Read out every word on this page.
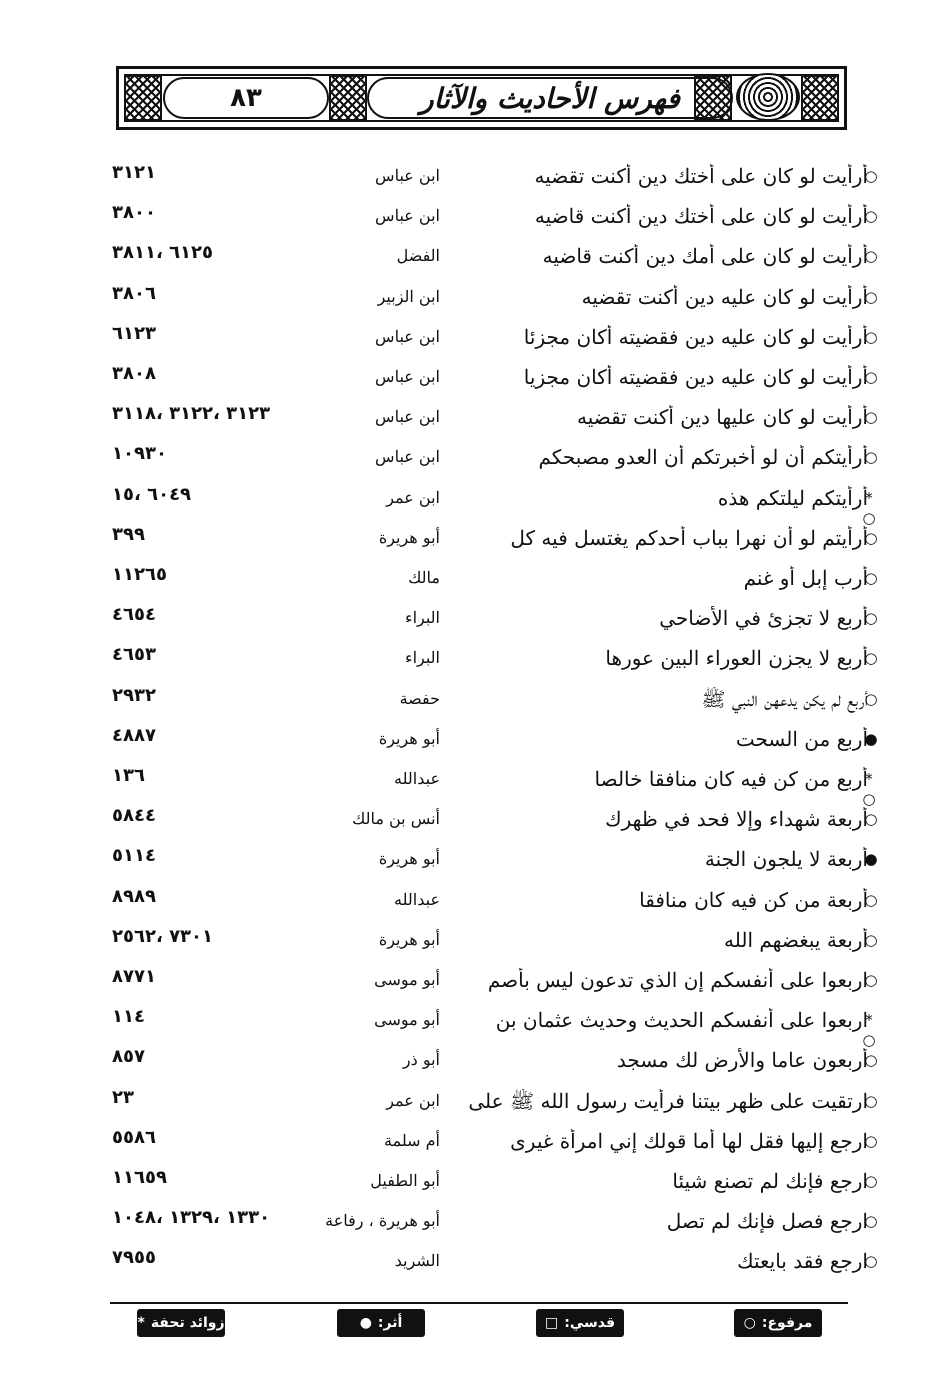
٨٣	فهرس الأحاديث والآثار
○
أرأيت لو كان على أختك دين أكنت تقضيه
ابن عباس
٣١٢١
○
أرأيت لو كان على أختك دين أكنت قاضيه
ابن عباس
٣٨٠٠
○
أرأيت لو كان على أمك دين أكنت قاضيه
الفضل
٦١٢٥ ،٣٨١١
○
أرأيت لو كان عليه دين أكنت تقضيه
ابن الزبير
٣٨٠٦
○
أرأيت لو كان عليه دين فقضيته أكان مجزئا
ابن عباس
٦١٢٣
○
أرأيت لو كان عليه دين فقضيته أكان مجزيا
ابن عباس
٣٨٠٨
○
أرأيت لو كان عليها دين أكنت تقضيه
ابن عباس
٣١٢٣ ،٣١٢٢ ،٣١١٨
○
أرأيتكم أن لو أخبرتكم أن العدو مصبحكم
ابن عباس
١٠٩٣٠
* ○
أرأيتكم ليلتكم هذه
ابن عمر
٦٠٤٩ ،١٥
○
أرأيتم لو أن نهرا بباب أحدكم يغتسل فيه كل
أبو هريرة
٣٩٩
○
أرب إبل أو غنم
مالك
١١٢٦٥
○
أربع لا تجزئ في الأضاحي
البراء
٤٦٥٤
○
أربع لا يجزن العوراء البين عورها
البراء
٤٦٥٣
○
أربع لم يكن يدعهن النبي ﷺ
حفصة
٢٩٣٢
●
أربع من السحت
أبو هريرة
٤٨٨٧
* ○
أربع من كن فيه كان منافقا خالصا
عبدالله
١٣٦
○
أربعة شهداء وإلا فحد في ظهرك
أنس بن مالك
٥٨٤٤
●
أربعة لا يلجون الجنة
أبو هريرة
٥١١٤
○
أربعة من كن فيه كان منافقا
عبدالله
٨٩٨٩
○
أربعة يبغضهم الله
أبو هريرة
٧٣٠١ ،٢٥٦٢
○
اربعوا على أنفسكم إن الذي تدعون ليس بأصم
أبو موسى
٨٧٧١
* ○
اربعوا على أنفسكم الحديث وحديث عثمان بن
أبو موسى
١١٤
○
أربعون عاما والأرض لك مسجد
أبو ذر
٨٥٧
○
ارتقيت على ظهر بيتنا فرأيت رسول الله ﷺ على
ابن عمر
٢٣
○
ارجع إليها فقل لها أما قولك إني امرأة غيرى
أم سلمة
٥٥٨٦
○
ارجع فإنك لم تصنع شيئا
أبو الطفيل
١١٦٥٩
○
ارجع فصل فإنك لم تصل
أبو هريرة ، رفاعة
١٣٣٠ ،١٣٢٩ ،١٠٤٨
○
ارجع فقد بايعتك
الشريد
٧٩٥٥
مرفوع:
○
قدسي:
□
أثر:
●
زوائد تحفة
*
